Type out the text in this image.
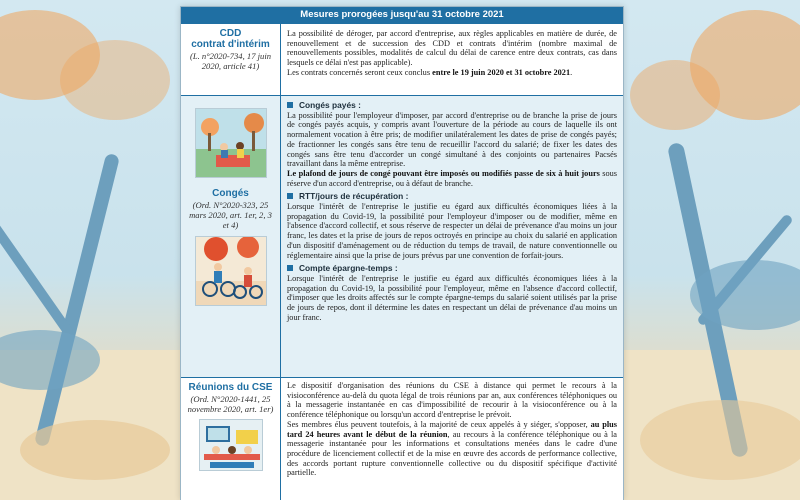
Mesures prorogées jusqu'au 31 octobre 2021
CDD
contrat d'intérim
(L. n°2020-734, 17 juin 2020, article 41)
La possibilité de déroger, par accord d'entreprise, aux règles applicables en matière de durée, de renouvellement et de succession des CDD et contrats d'intérim (nombre maximal de renouvellements possibles, modalités de calcul du délai de carence entre deux contrats, cas dans lesquels ce délai n'est pas applicable).
Les contrats concernés seront ceux conclus entre le 19 juin 2020 et 31 octobre 2021.
Congés
(Ord. N°2020-323, 25 mars 2020, art. 1er, 2, 3 et 4)
Congés payés :
La possibilité pour l'employeur d'imposer, par accord d'entreprise ou de branche la prise de jours de congés payés acquis, y compris avant l'ouverture de la période au cours de laquelle ils ont normalement vocation à être pris; de modifier unilatéralement les dates de prise de congés payés; de fractionner les congés sans être tenu de recueillir l'accord du salarié; de fixer les dates des congés sans être tenu d'accorder un congé simultané à des conjoints ou partenaires Pacsés travaillant dans la même entreprise.
Le plafond de jours de congé pouvant être imposés ou modifiés passe de six à huit jours sous réserve d'un accord d'entreprise, ou à défaut de branche.
RTT/jours de récupération :
Lorsque l'intérêt de l'entreprise le justifie eu égard aux difficultés économiques liées à la propagation du Covid-19, la possibilité pour l'employeur d'imposer ou de modifier, même en l'absence d'accord collectif, et sous réserve de respecter un délai de prévenance d'au moins un jour franc, les dates et la prise de jours de repos octroyés en principe au choix du salarié en application d'un dispositif d'aménagement ou de réduction du temps de travail, de nature conventionnelle ou réglementaire ainsi que la prise de jours prévus par une convention de forfait-jours.
Compte épargne-temps :
Lorsque l'intérêt de l'entreprise le justifie eu égard aux difficultés économiques liées à la propagation du Covid-19, la possibilité pour l'employeur, même en l'absence d'accord collectif, d'imposer que les droits affectés sur le compte épargne-temps du salarié soient utilisés par la prise de jours de repos, dont il détermine les dates en respectant un délai de prévenance d'au moins un jour franc.
Réunions du CSE
(Ord. N°2020-1441, 25 novembre 2020, art. 1er)
Le dispositif d'organisation des réunions du CSE à distance qui permet le recours à la visioconférence au-delà du quota légal de trois réunions par an, aux conférences téléphoniques ou à la messagerie instantanée en cas d'impossibilité de recourir à la visioconférence ou à la conférence téléphonique ou lorsqu'un accord d'entreprise le prévoit.
Ses membres élus peuvent toutefois, à la majorité de ceux appelés à y siéger, s'opposer, au plus tard 24 heures avant le début de la réunion, au recours à la conférence téléphonique ou à la messagerie instantanée pour les informations et consultations menées dans le cadre d'une procédure de licenciement collectif et de la mise en œuvre des accords de performance collective, des accords portant rupture conventionnelle collective ou du dispositif spécifique d'activité partielle.
